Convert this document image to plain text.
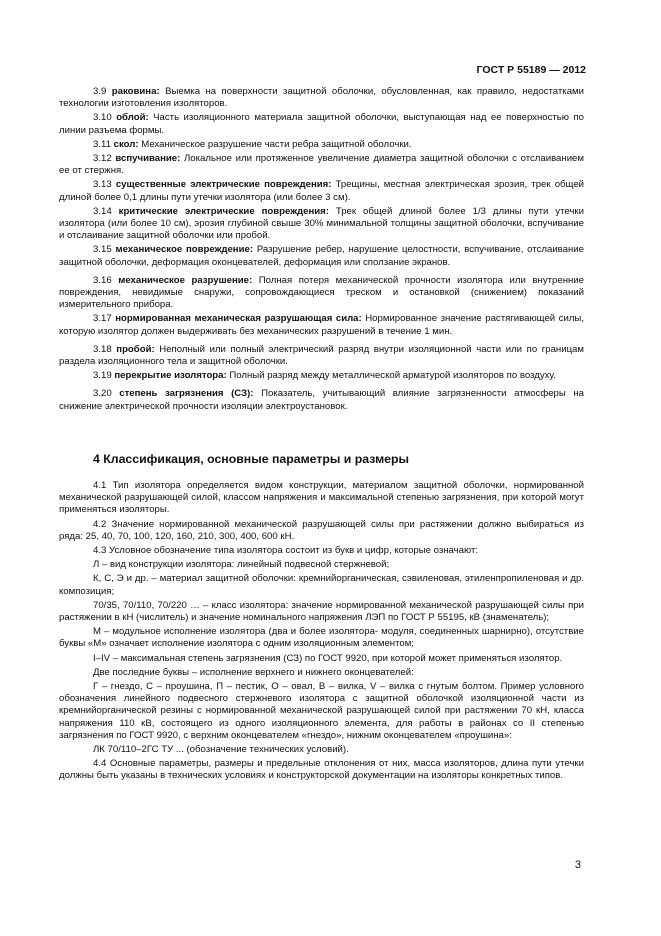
ГОСТ Р 55189 — 2012

3.9 раковина: Выемка на поверхности защитной оболочки, обусловленная, как правило, недостатками технологии изготовления изоляторов.

3.10 облой: Часть изоляционного материала защитной оболочки, выступающая над ее поверхностью по линии разъема формы.

3.11 скол: Механическое разрушение части ребра защитной оболочки.

3.12 вспучивание: Локальное или протяженное увеличение диаметра защитной оболочки с отслаиванием ее от стержня.

3.13 существенные электрические повреждения: Трещины, местная электрическая эрозия, трек общей длиной более 0,1 длины пути утечки изолятора (или более 3 см).

3.14 критические электрические повреждения: Трек общей длиной более 1/3 длины пути утечки изолятора (или более 10 см), эрозия глубиной свыше 30% минимальной толщины защитной оболочки, вспучивание и отслаивание защитной оболочки или пробой.

3.15 механическое повреждение: Разрушение ребер, нарушение целостности, вспучивание, отслаивание защитной оболочки, деформация оконцевателей, деформация или сползание экранов.

3.16 механическое разрушение: Полная потеря механической прочности изолятора или внутренние повреждения, невидимые снаружи, сопровождающиеся треском и остановкой (снижением) показаний измерительного прибора.

3.17 нормированная механическая разрушающая сила: Нормированное значение растягивающей силы, которую изолятор должен выдерживать без механических разрушений в течение 1 мин.

3.18 пробой: Неполный или полный электрический разряд внутри изоляционной части или по границам раздела изоляционного тела и защитной оболочки.

3.19 перекрытие изолятора: Полный разряд между металлической арматурой изоляторов по воздуху.

3.20 степень загрязнения (СЗ): Показатель, учитывающий влияние загрязненности атмосферы на снижение электрической прочности изоляции электроустановок.

4 Классификация, основные параметры и размеры

4.1 Тип изолятора определяется видом конструкции, материалом защитной оболочки, нормированной механической разрушающей силой, классом напряжения и максимальной степенью загрязнения, при которой могут применяться изоляторы.

4.2 Значение нормированной механической разрушающей силы при растяжении должно выбираться из ряда: 25, 40, 70, 100, 120, 160, 210, 300, 400, 600 кН.

4.3 Условное обозначение типа изолятора состоит из букв и цифр, которые означают:

Л – вид конструкции изолятора: линейный подвесной стержневой;

К, С, Э и др. – материал защитной оболочки: кремнийорганическая, сэвиленовая, этиленпропиленовая и др. композиция;

70/35, 70/110, 70/220 … – класс изолятора: значение нормированной механической разрушающей силы при растяжении в кН (числитель) и значение номинального напряжения ЛЭП по ГОСТ Р 55195, кВ (знаменатель);

М – модульное исполнение изолятора (два и более изолятора- модуля, соединенных шарнирно), отсутствие буквы «М» означает исполнение изолятора с одним изоляционным элементом;

I–IV – максимальная степень загрязнения (СЗ) по ГОСТ 9920, при которой может применяться изолятор.

Две последние буквы – исполнение верхнего и нижнего оконцевателей:

Г – гнездо, С – проушина, П – пестик, О – овал, В – вилка, V – вилка с гнутым болтом. Пример условного обозначения линейного подвесного стержневого изолятора с защитной оболочкой изоляционной части из кремнийорганической резины с нормированной механической разрушающей силой при растяжении 70 кН, класса напряжения 110 кВ, состоящего из одного изоляционного элемента, для работы в районах со II степенью загрязнения по ГОСТ 9920, с верхним оконцевателем «гнездо», нижним оконцевателем «проушина»:

ЛК 70/110–2ГС ТУ ... (обозначение технических условий).

4.4 Основные параметры, размеры и предельные отклонения от них, масса изоляторов, длина пути утечки должны быть указаны в технических условиях и конструкторской документации на изоляторы конкретных типов.

3
